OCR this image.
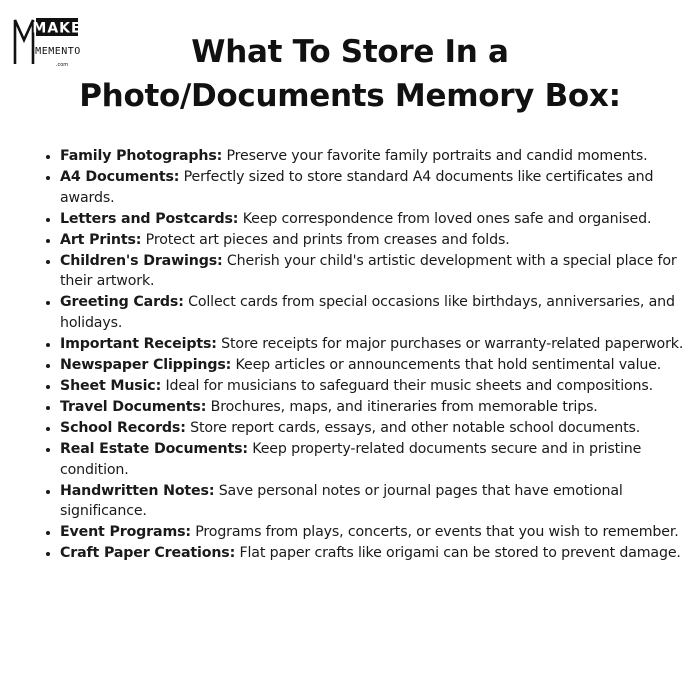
MAKE
MEMENTO
.com	What To Store In a
Photo/Documents Memory Box:
• Family Photographs: Preserve your favorite family portraits and candid moments.
• A4 Documents: Perfectly sized to store standard A4 documents like certificates and awards.
• Letters and Postcards: Keep correspondence from loved ones safe and organised.
• Art Prints: Protect art pieces and prints from creases and folds.
• Children's Drawings: Cherish your child's artistic development with a special place for their artwork.
• Greeting Cards: Collect cards from special occasions like birthdays, anniversaries, and holidays.
• Important Receipts: Store receipts for major purchases or warranty-related paperwork.
• Newspaper Clippings: Keep articles or announcements that hold sentimental value.
• Sheet Music: Ideal for musicians to safeguard their music sheets and compositions.
• Travel Documents: Brochures, maps, and itineraries from memorable trips.
• School Records: Store report cards, essays, and other notable school documents.
• Real Estate Documents: Keep property-related documents secure and in pristine condition.
• Handwritten Notes: Save personal notes or journal pages that have emotional significance.
• Event Programs: Programs from plays, concerts, or events that you wish to remember.
• Craft Paper Creations: Flat paper crafts like origami can be stored to prevent damage.
